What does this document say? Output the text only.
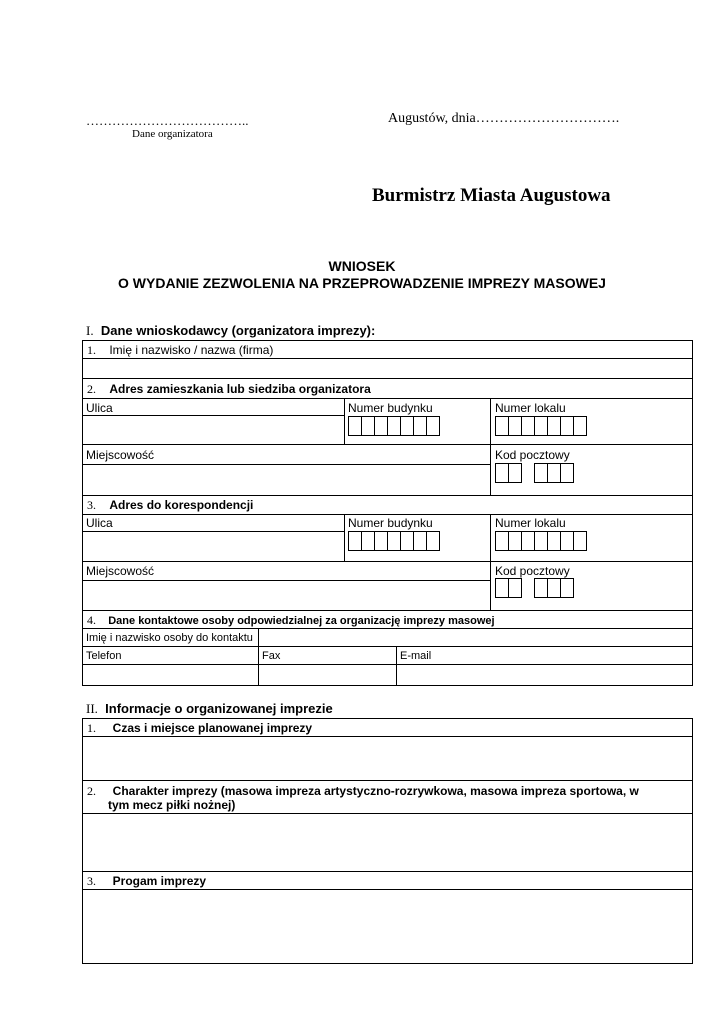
………………………………..
Dane organizatora
Augustów, dnia………………………….
Burmistrz Miasta Augustowa
WNIOSEK
O WYDANIE ZEZWOLENIA NA PRZEPROWADZENIE IMPREZY MASOWEJ
I. Dane wnioskodawcy (organizatora imprezy):
1. Imię i nazwisko / nazwa (firma)
2. Adres zamieszkania lub siedziba organizatora
Ulica	Numer budynku	Numer lokalu
Miejscowość	Kod pocztowy
3. Adres do korespondencji
Ulica	Numer budynku	Numer lokalu
Miejscowość	Kod pocztowy
4. Dane kontaktowe osoby odpowiedzialnej za organizację imprezy masowej
Imię i nazwisko osoby do kontaktu
Telefon	Fax	E-mail
II. Informacje o organizowanej imprezie
1. Czas i miejsce planowanej imprezy
2. Charakter imprezy (masowa impreza artystyczno-rozrywkowa, masowa impreza sportowa, w
tym mecz piłki nożnej)
3. Progam imprezy
